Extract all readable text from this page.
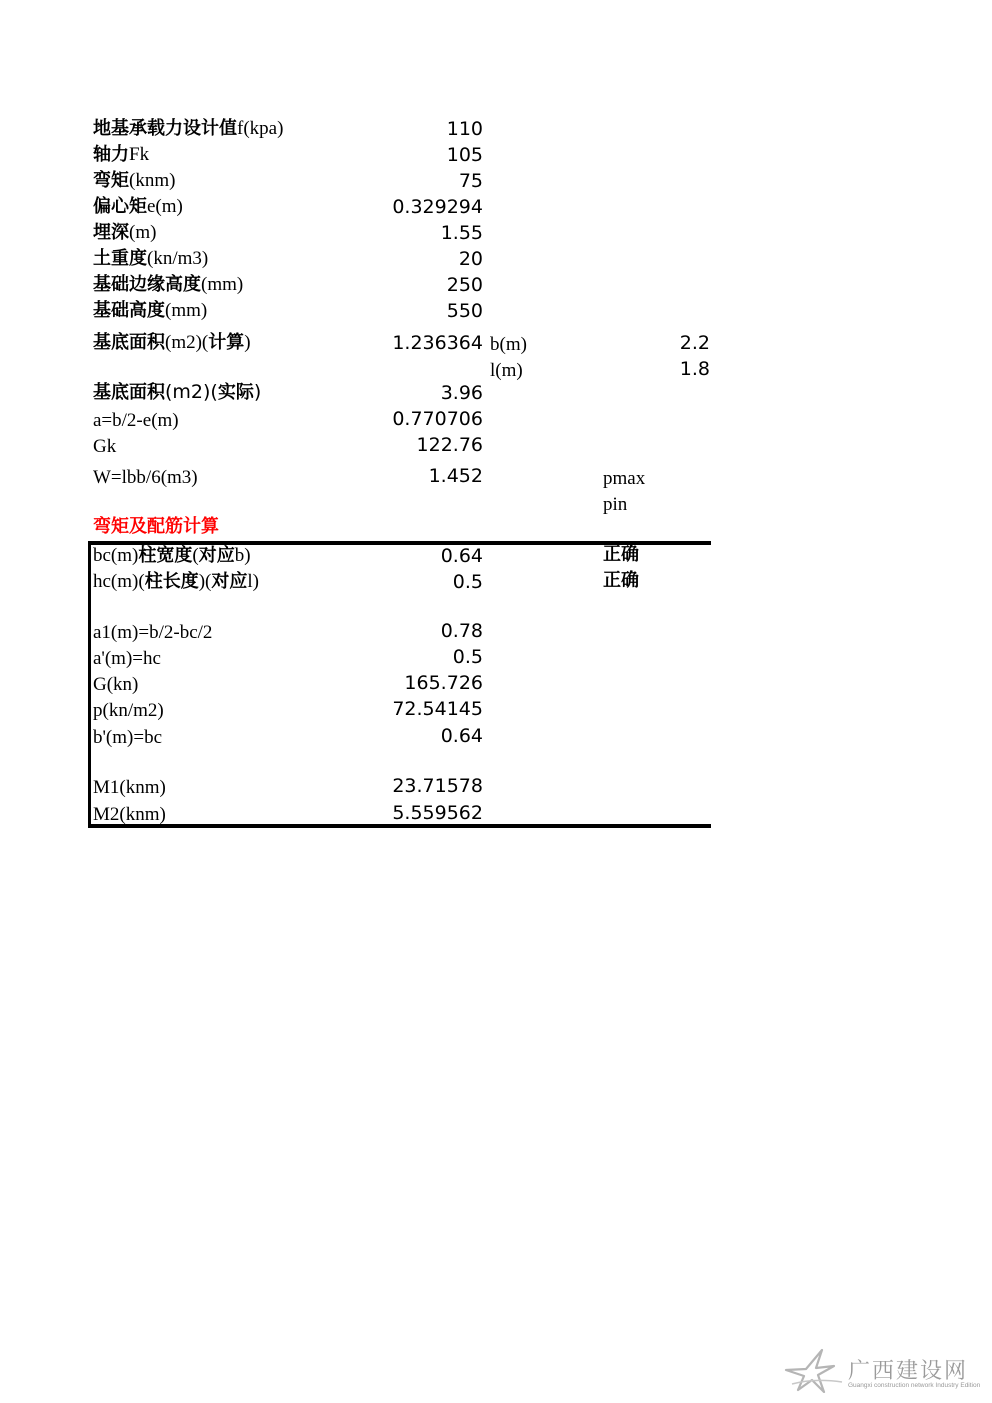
地基承载力设计值f(kpa)	110
轴力Fk	105
弯矩(knm)	75
偏心矩e(m)	0.329294
埋深(m)	1.55
土重度(kn/m3)	20
基础边缘高度(mm)	250
基础高度(mm)	550
基底面积(m2)(计算)	1.236364 b(m)	2.2
l(m)	1.8
基底面积(m2)(实际)	3.96
a=b/2-e(m)	0.770706
Gk	122.76
W=lbb/6(m3)	1.452	pmax
pin
弯矩及配筋计算
bc(m)柱宽度(对应b)	0.64	正确
hc(m)(柱长度)(对应l)	0.5	正确
a1(m)=b/2-bc/2	0.78
a'(m)=hc	0.5
G(kn)	165.726
p(kn/m2)	72.54145
b'(m)=bc	0.64
M1(knm)	23.71578
M2(knm)	5.559562
广西建设网
Guangxi construction network Industry Edition
